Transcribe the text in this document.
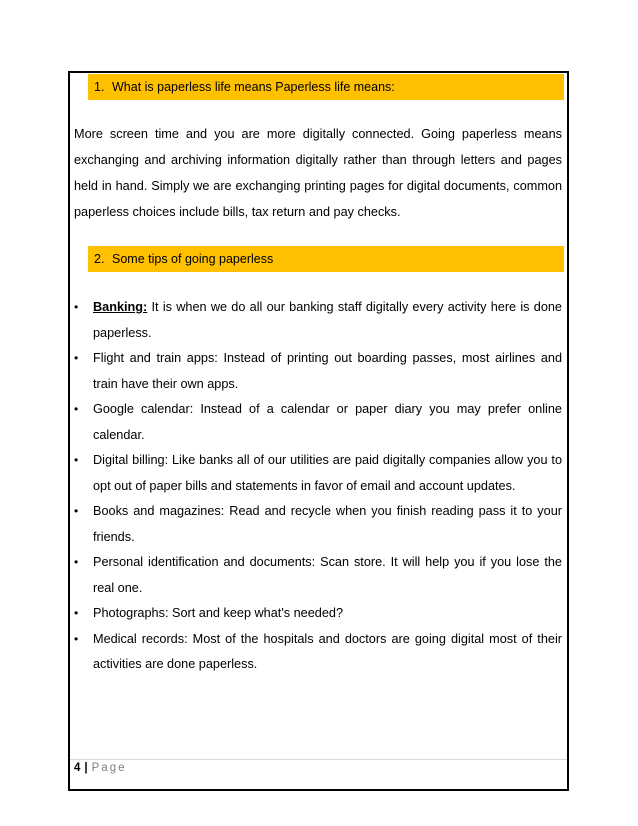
1. What is paperless life means Paperless life means:

More screen time and you are more digitally connected. Going paperless means exchanging and archiving information digitally rather than through letters and pages held in hand. Simply we are exchanging printing pages for digital documents, common paperless choices include bills, tax return and pay checks.

2. Some tips of going paperless
• Banking: It is when we do all our banking staff digitally every activity here is done paperless.
• Flight and train apps: Instead of printing out boarding passes, most airlines and train have their own apps.
• Google calendar: Instead of a calendar or paper diary you may prefer online calendar.
• Digital billing: Like banks all of our utilities are paid digitally companies allow you to opt out of paper bills and statements in favor of email and account updates.
• Books and magazines: Read and recycle when you finish reading pass it to your friends.
• Personal identification and documents: Scan store. It will help you if you lose the real one.
• Photographs: Sort and keep what's needed?
• Medical records: Most of the hospitals and doctors are going digital most of their activities are done paperless.
4 | Page
